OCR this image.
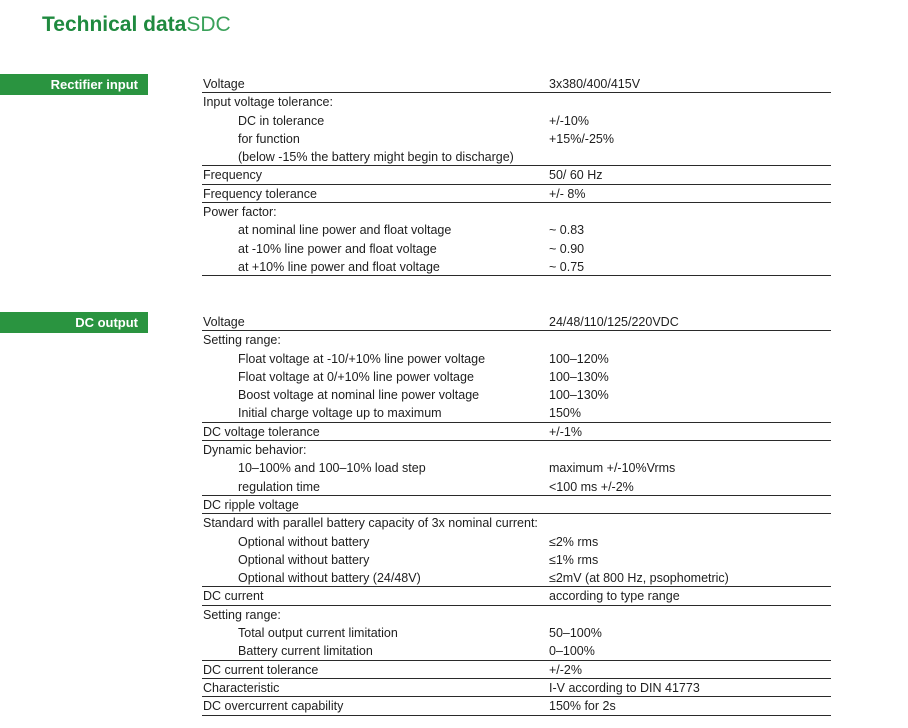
Technical dataSDC
Rectifier input	Voltage	3x380/400/415V
Input voltage tolerance:
DC in tolerance	+/-10%
for function	+15%/-25%
(below -15% the battery might begin to discharge)
Frequency	50/ 60 Hz
Frequency tolerance	+/- 8%
Power factor:
at nominal line power and float voltage	~ 0.83
at -10% line power and float voltage	~ 0.90
at +10% line power and float voltage	~ 0.75
DC output	Voltage	24/48/110/125/220VDC
Setting range:
Float voltage at -10/+10% line power voltage	100–120%
Float voltage at 0/+10% line power voltage	100–130%
Boost voltage at nominal line power voltage	100–130%
Initial charge voltage up to maximum	150%
DC voltage tolerance	+/-1%
Dynamic behavior:
10–100% and 100–10% load step	maximum +/-10%Vrms
regulation time	<100 ms +/-2%
DC ripple voltage
Standard with parallel battery capacity of 3x nominal current:
Optional without battery	≤2% rms
Optional without battery	≤1% rms
Optional without battery (24/48V)	≤2mV (at 800 Hz, psophometric)
DC current	according to type range
Setting range:
Total output current limitation	50–100%
Battery current limitation	0–100%
DC current tolerance	+/-2%
Characteristic	I-V according to DIN 41773
DC overcurrent capability	150% for 2s
